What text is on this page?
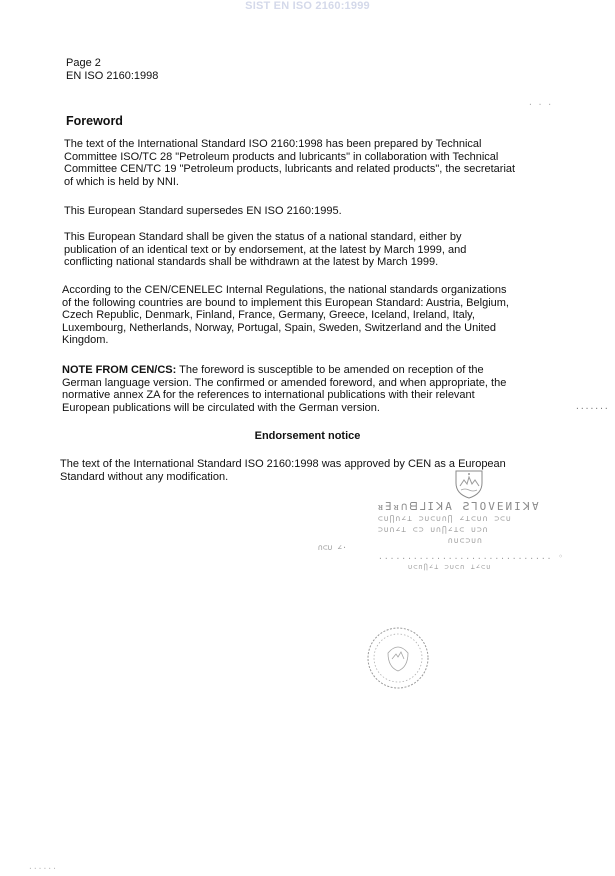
SIST EN ISO 2160:1999
Page 2
EN ISO 2160:1998
Foreword

The text of the International Standard ISO 2160:1998 has been prepared by Technical
Committee ISO/TC 28 "Petroleum products and lubricants" in collaboration with Technical
Committee CEN/TC 19 "Petroleum products, lubricants and related products", the secretariat
of which is held by NNI.

This European Standard supersedes EN ISO 2160:1995.

This European Standard shall be given the status of a national standard, either by
publication of an identical text or by endorsement, at the latest by March 1999, and
conflicting national standards shall be withdrawn at the latest by March 1999.

According to the CEN/CENELEC Internal Regulations, the national standards organizations
of the following countries are bound to implement this European Standard: Austria, Belgium,
Czech Republic, Denmark, Finland, France, Germany, Greece, Iceland, Ireland, Italy,
Luxembourg, Netherlands, Norway, Portugal, Spain, Sweden, Switzerland and the United
Kingdom.

NOTE FROM CEN/CS: The foreword is susceptible to be amended on reception of the
German language version. The confirmed or amended foreword, and when appropriate, the
normative annex ZA for the references to international publications with their relevant
European publications will be circulated with the German version.

Endorsement notice

The text of the International Standard ISO 2160:1998 was approved by CEN as a European
Standard without any modification.

ᴚ∃ᴚ∩ᗺ⅃IꓘA ꙄꓶOVEИIꓘ∀
⊂∪⋂∩∠⊥ ⊃∪⊂∪∩⋂ ∠⊥⊂∪∩ ⊃⊂∪
⊃∪∩∠⊥ ⊂⊃ ∪∩⋂∠⊥⊂ ∪⊃∩
∩∪⊂⊃∪∩
.............................. ◦
∪⊂∩⋂∠⊥ ⊃∪⊂∩ ⊥∠⊂∪
∩⊂∪ ∠·
.......
· · ·
......
